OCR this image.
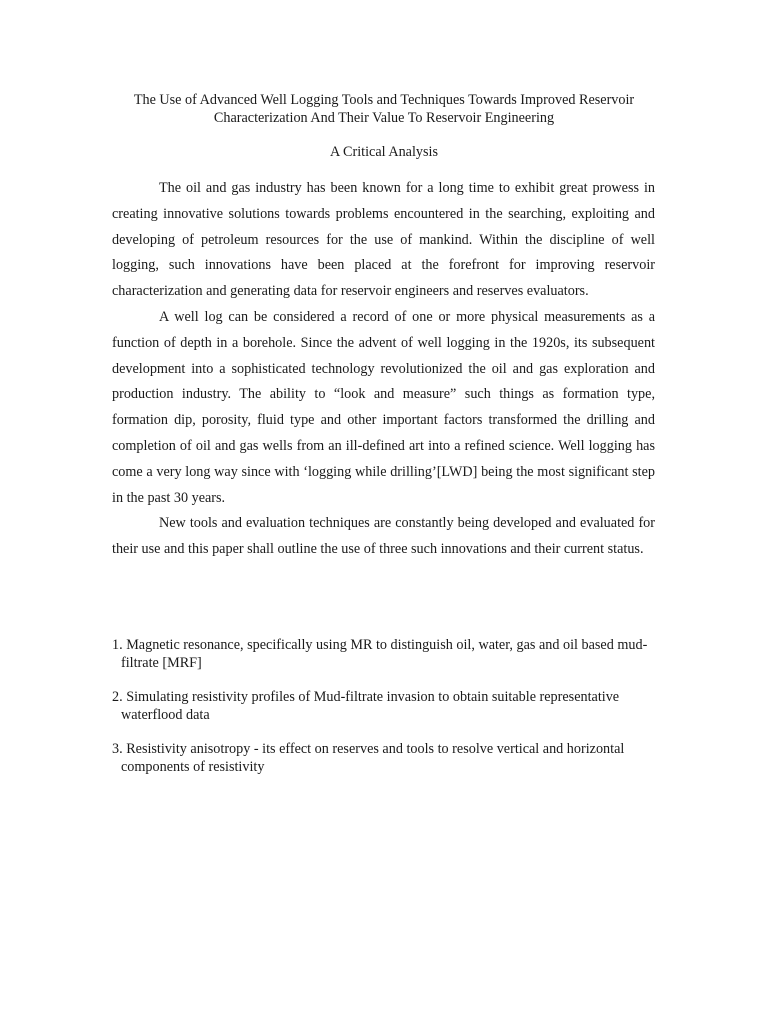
The Use of Advanced Well Logging Tools and Techniques Towards Improved Reservoir Characterization And Their Value To Reservoir Engineering
A Critical Analysis

The oil and gas industry has been known for a long time to exhibit great prowess in creating innovative solutions towards problems encountered in the searching, exploiting and developing of petroleum resources for the use of mankind. Within the discipline of well logging, such innovations have been placed at the forefront for improving reservoir characterization and generating data for reservoir engineers and reserves evaluators.

A well log can be considered a record of one or more physical measurements as a function of depth in a borehole. Since the advent of well logging in the 1920s, its subsequent development into a sophisticated technology revolutionized the oil and gas exploration and production industry. The ability to “look and measure” such things as formation type, formation dip, porosity, fluid type and other important factors transformed the drilling and completion of oil and gas wells from an ill-defined art into a refined science. Well logging has come a very long way since with ‘logging while drilling’[LWD] being the most significant step in the past 30 years.

New tools and evaluation techniques are constantly being developed and evaluated for their use and this paper shall outline the use of three such innovations and their current status.

1. Magnetic resonance, specifically using MR to distinguish oil, water, gas and oil based mud-filtrate [MRF]
2. Simulating resistivity profiles of Mud-filtrate invasion to obtain suitable representative waterflood data
3. Resistivity anisotropy - its effect on reserves and tools to resolve vertical and horizontal components of resistivity
